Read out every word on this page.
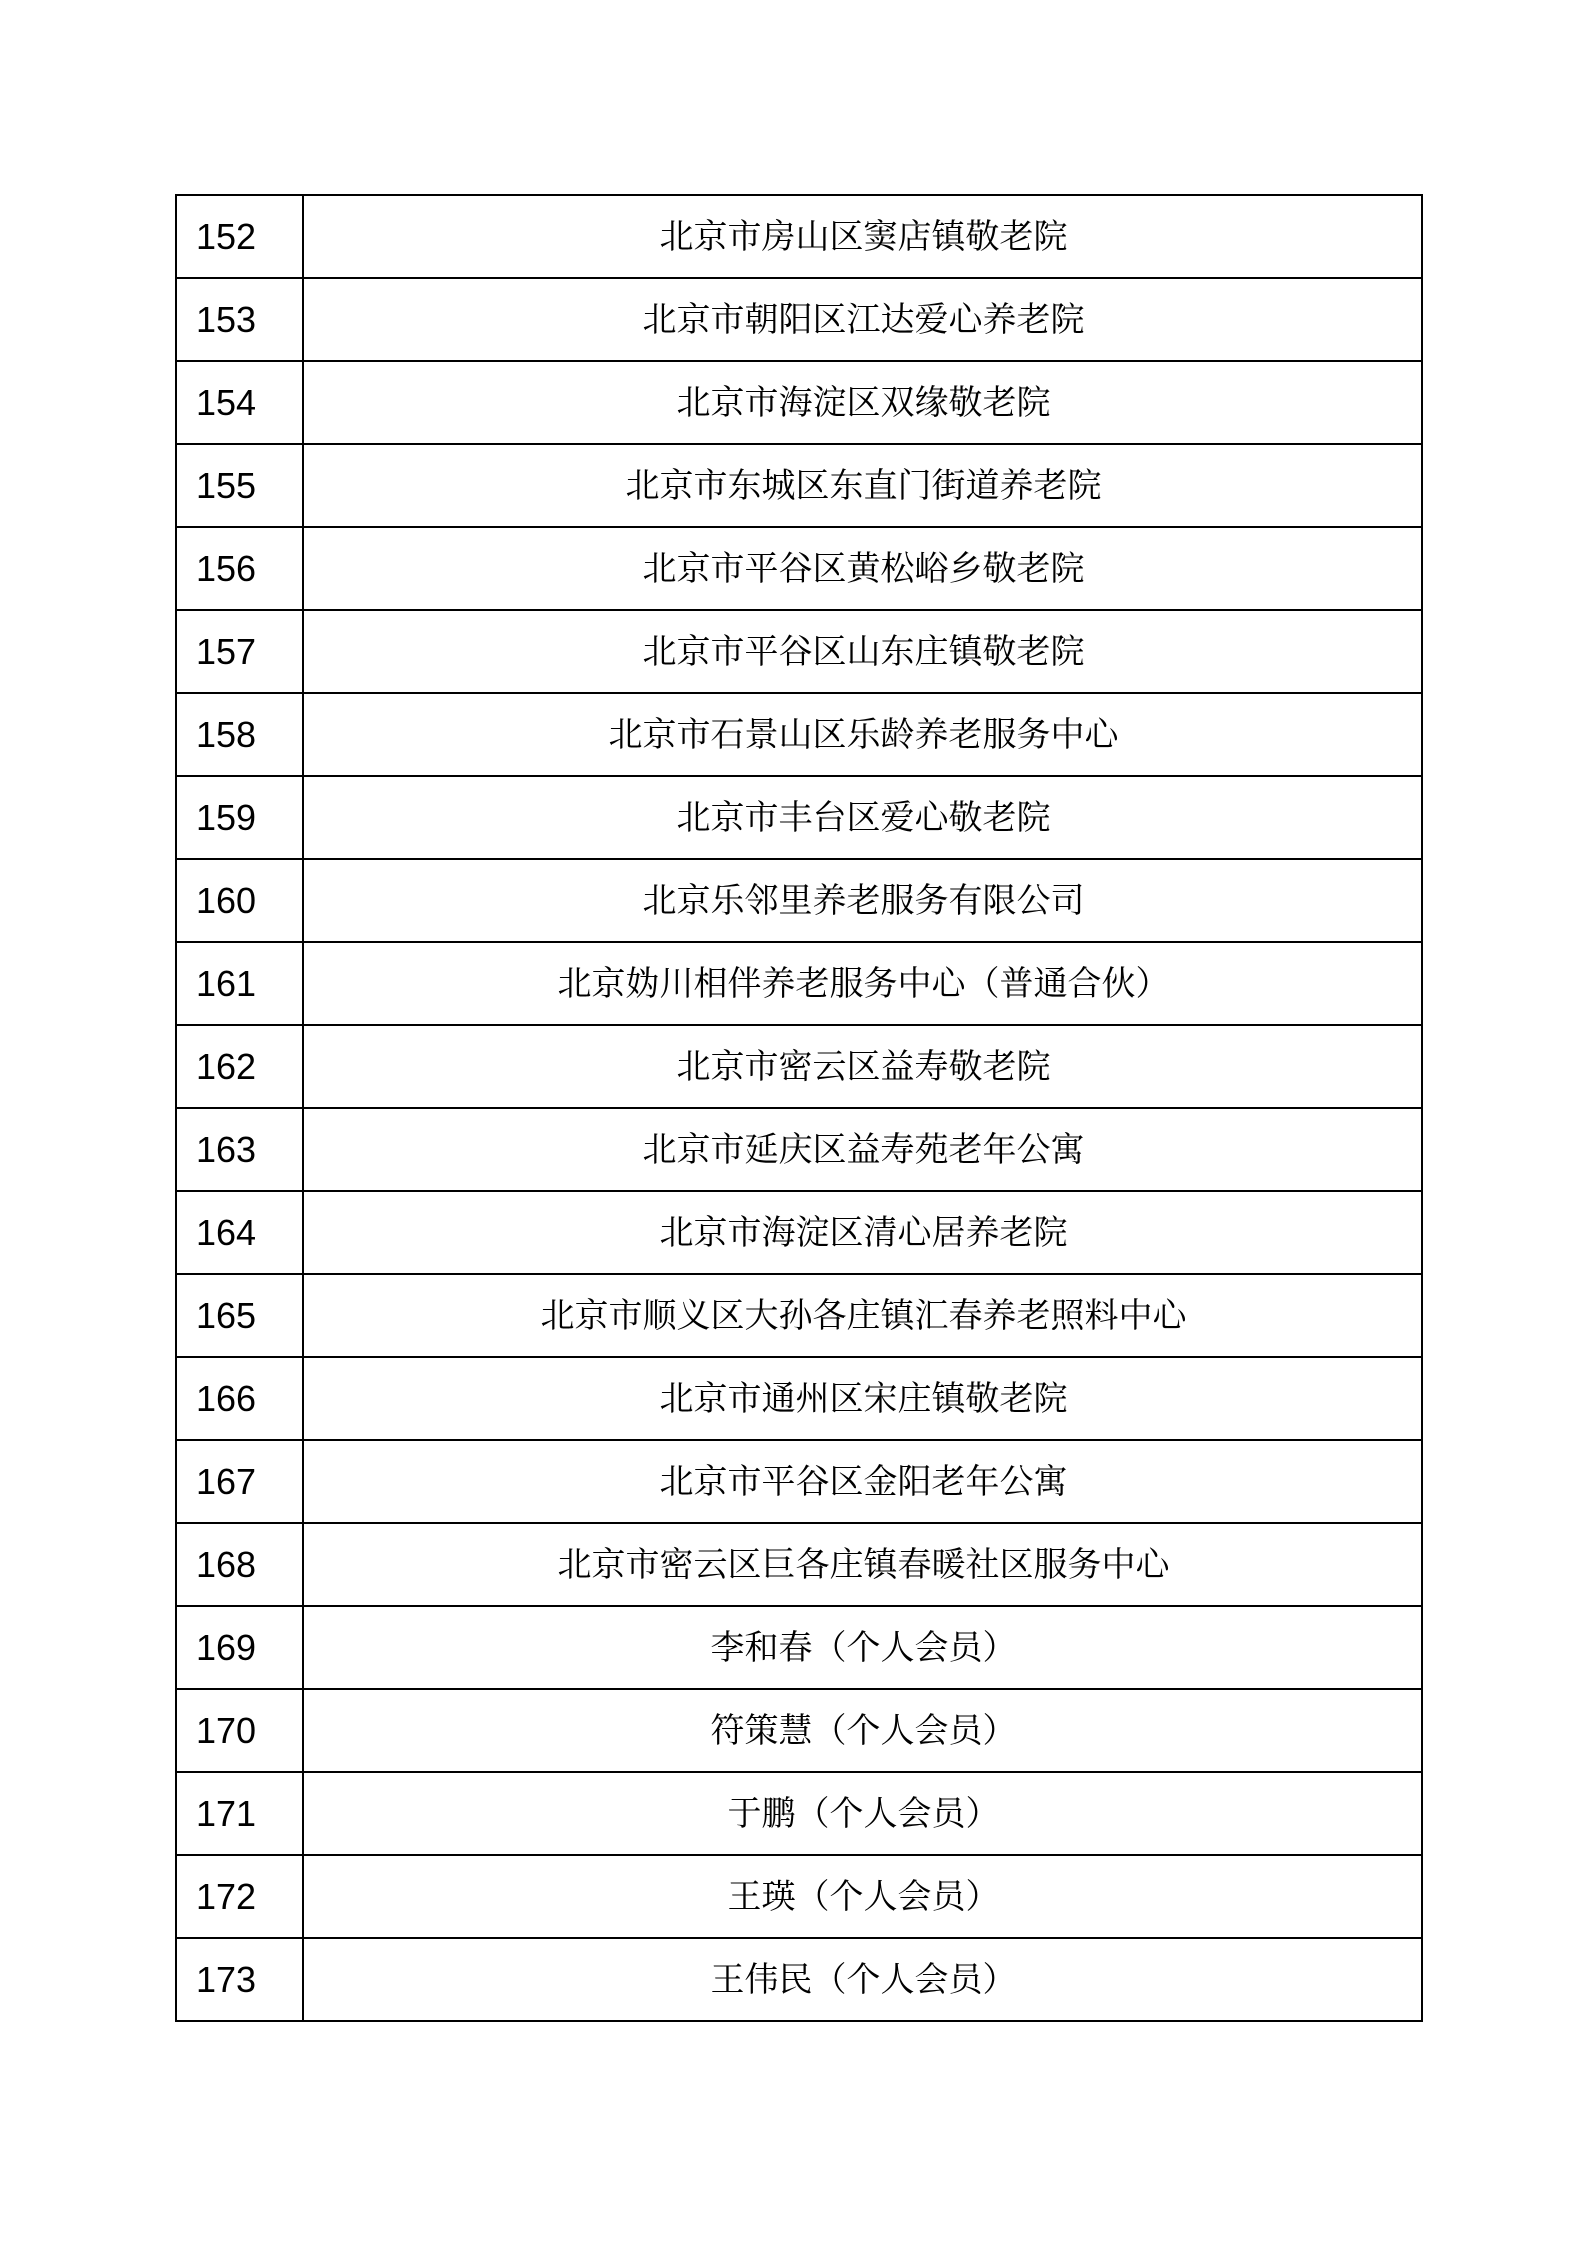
152	北京市房山区窦店镇敬老院
153	北京市朝阳区江达爱心养老院
154	北京市海淀区双缘敬老院
155	北京市东城区东直门街道养老院
156	北京市平谷区黄松峪乡敬老院
157	北京市平谷区山东庄镇敬老院
158	北京市石景山区乐龄养老服务中心
159	北京市丰台区爱心敬老院
160	北京乐邻里养老服务有限公司
161	北京妫川相伴养老服务中心（普通合伙）
162	北京市密云区益寿敬老院
163	北京市延庆区益寿苑老年公寓
164	北京市海淀区清心居养老院
165	北京市顺义区大孙各庄镇汇春养老照料中心
166	北京市通州区宋庄镇敬老院
167	北京市平谷区金阳老年公寓
168	北京市密云区巨各庄镇春暖社区服务中心
169	李和春（个人会员）
170	符策慧（个人会员）
171	于鹏（个人会员）
172	王瑛（个人会员）
173	王伟民（个人会员）
